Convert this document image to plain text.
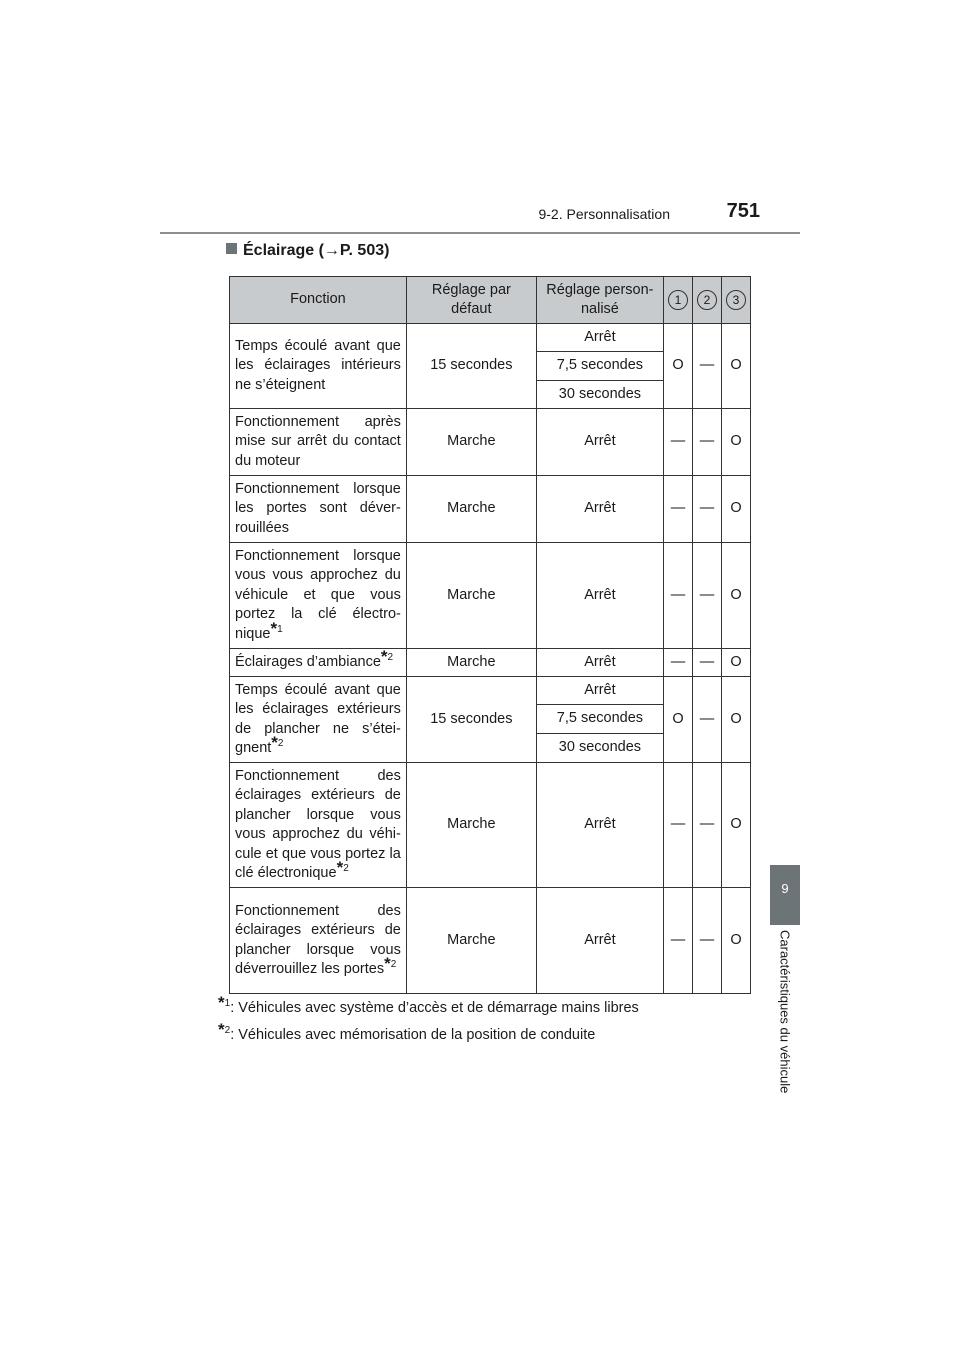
9-2. Personnalisation	751
9
Caractéristiques du véhicule
Éclairage (→P. 503)
Fonction	Réglage par défaut	Réglage person-nalisé	1	2	3
Temps écoulé avant que les éclairages intérieurs ne s’éteignent	15 secondes	Arrêt	O	—	O
		7,5 secondes			
		30 secondes			
Fonctionnement après mise sur arrêt du contact du moteur	Marche	Arrêt	—	—	O
Fonctionnement lorsque les portes sont déver-rouillées	Marche	Arrêt	—	—	O
Fonctionnement lorsque vous vous approchez du véhicule et que vous portez la clé électro-nique*$^1$	Marche	Arrêt	—	—	O
Éclairages d’ambiance*$^2$	Marche	Arrêt	—	—	O
Temps écoulé avant que les éclairages extérieurs de plancher ne s’étei-gnent*$^2$	15 secondes	Arrêt	O	—	O
		7,5 secondes			
		30 secondes			
Fonctionnement des éclairages extérieurs de plancher lorsque vous vous approchez du véhi-cule et que vous portez la clé électronique*$^2$	Marche	Arrêt	—	—	O
Fonctionnement des éclairages extérieurs de plancher lorsque vous déverrouillez les portes*$^2$	Marche	Arrêt	—	—	O
*$^1$: Véhicules avec système d’accès et de démarrage mains libres
*$^2$: Véhicules avec mémorisation de la position de conduite
